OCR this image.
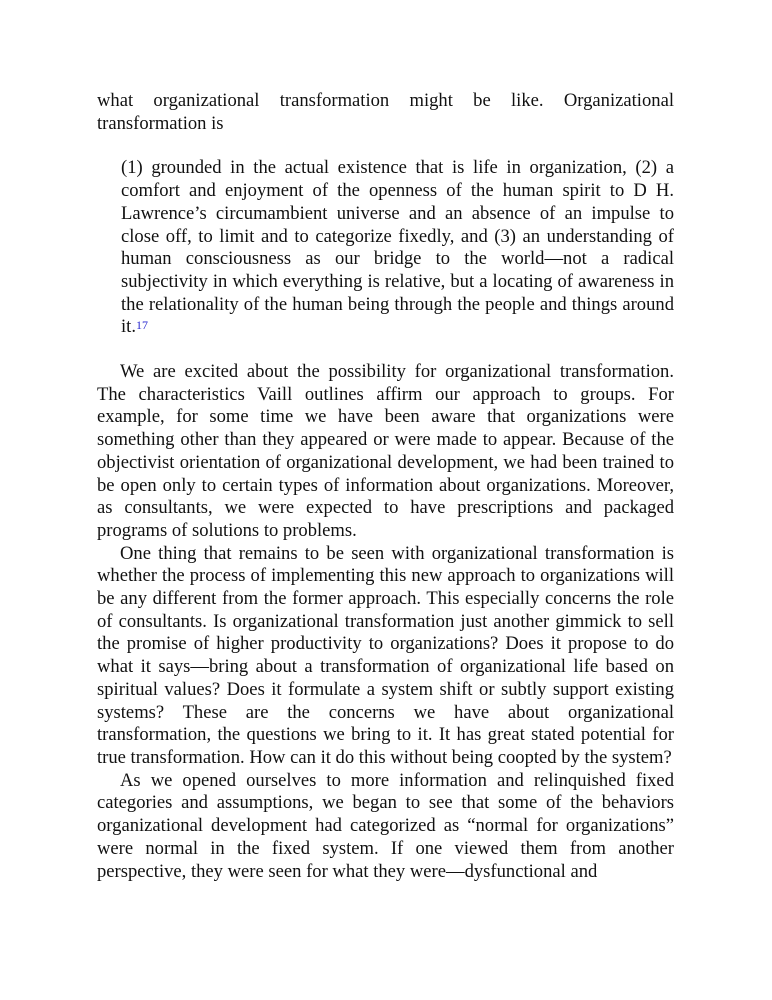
what organizational transformation might be like. Organizational transformation is

(1) grounded in the actual existence that is life in organization, (2) a comfort and enjoyment of the openness of the human spirit to D H. Lawrence’s circumambient universe and an absence of an impulse to close off, to limit and to categorize fixedly, and (3) an understanding of human consciousness as our bridge to the world—not a radical subjectivity in which everything is relative, but a locating of awareness in the relationality of the human being through the people and things around it.17

We are excited about the possibility for organizational transformation. The characteristics Vaill outlines affirm our approach to groups. For example, for some time we have been aware that organizations were something other than they appeared or were made to appear. Because of the objectivist orientation of organizational development, we had been trained to be open only to certain types of information about organizations. Moreover, as consultants, we were expected to have prescriptions and packaged programs of solutions to problems.

One thing that remains to be seen with organizational transformation is whether the process of implementing this new approach to organizations will be any different from the former approach. This especially concerns the role of consultants. Is organizational transformation just another gimmick to sell the promise of higher productivity to organizations? Does it propose to do what it says—bring about a transformation of organizational life based on spiritual values? Does it formulate a system shift or subtly support existing systems? These are the concerns we have about organizational transformation, the questions we bring to it. It has great stated potential for true transformation. How can it do this without being coopted by the system?

As we opened ourselves to more information and relinquished fixed categories and assumptions, we began to see that some of the behaviors organizational development had categorized as “normal for organizations” were normal in the fixed system. If one viewed them from another perspective, they were seen for what they were—dysfunctional and
